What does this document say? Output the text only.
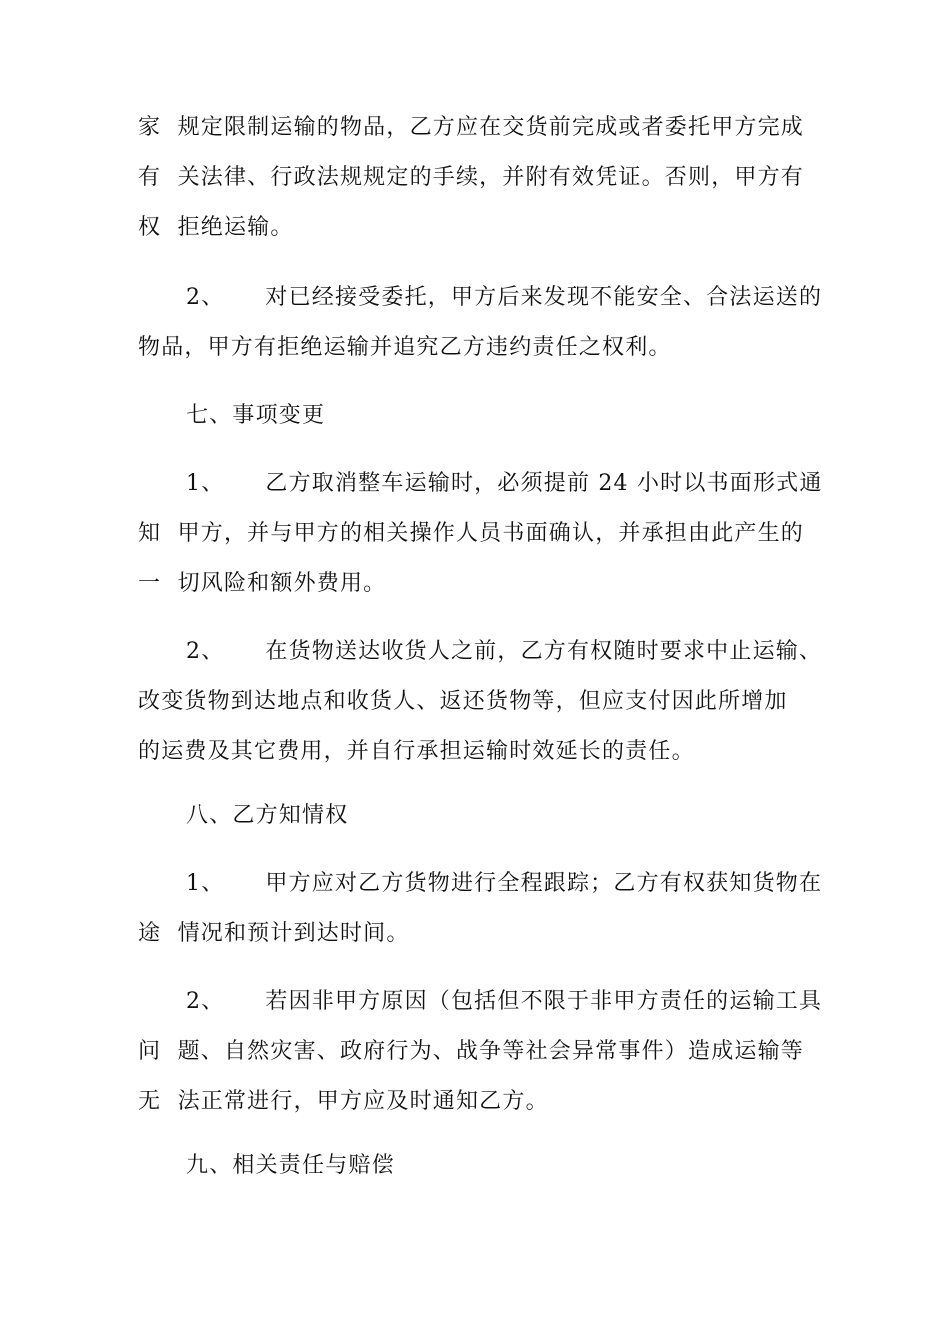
家  规定限制运输的物品，乙方应在交货前完成或者委托甲方完成
有  关法律、行政法规规定的手续，并附有效凭证。否则，甲方有
权  拒绝运输。
2、     对已经接受委托，甲方后来发现不能安全、合法运送的
物品，甲方有拒绝运输并追究乙方违约责任之权利。
七、事项变更
1、     乙方取消整车运输时，必须提前 24 小时以书面形式通
知  甲方，并与甲方的相关操作人员书面确认，并承担由此产生的
一  切风险和额外费用。
2、     在货物送达收货人之前，乙方有权随时要求中止运输、
改变货物到达地点和收货人、返还货物等，但应支付因此所增加
的运费及其它费用，并自行承担运输时效延长的责任。
八、乙方知情权
1、     甲方应对乙方货物进行全程跟踪；乙方有权获知货物在
途  情况和预计到达时间。
2、     若因非甲方原因（包括但不限于非甲方责任的运输工具
问  题、自然灾害、政府行为、战争等社会异常事件）造成运输等
无  法正常进行，甲方应及时通知乙方。
九、相关责任与赔偿
